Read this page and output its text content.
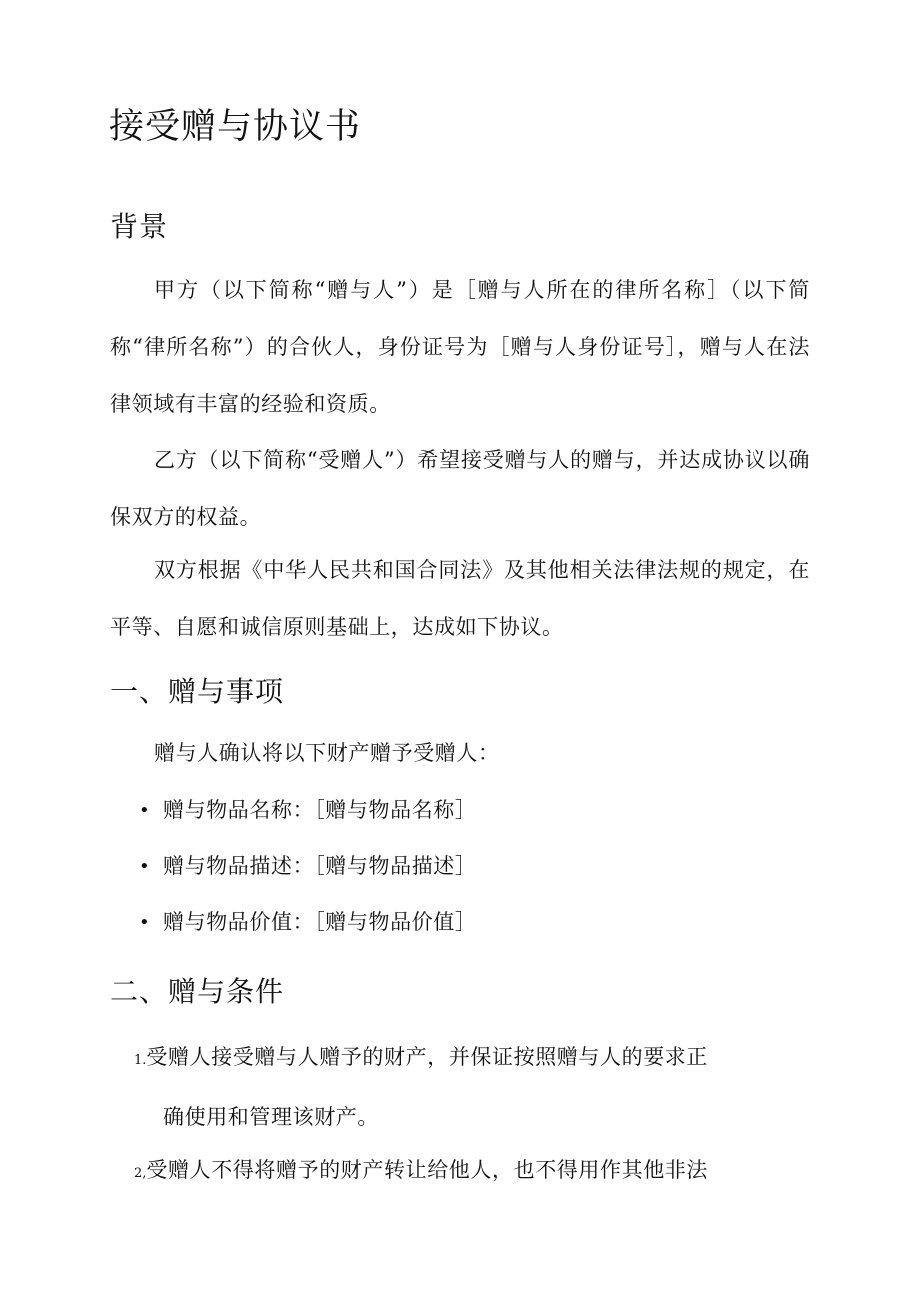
接受赠与协议书
背景
甲方（以下简称“赠与人”）是［赠与人所在的律所名称］（以下简称“律所名称”）的合伙人，身份证号为［赠与人身份证号］，赠与人在法律领域有丰富的经验和资质。
乙方（以下简称“受赠人”）希望接受赠与人的赠与，并达成协议以确保双方的权益。
双方根据《中华人民共和国合同法》及其他相关法律法规的规定，在平等、自愿和诚信原则基础上，达成如下协议。
一、赠与事项
赠与人确认将以下财产赠予受赠人：
• 赠与物品名称：［赠与物品名称］
• 赠与物品描述：［赠与物品描述］
• 赠与物品价值：［赠与物品价值］
二、赠与条件
1.受赠人接受赠与人赠予的财产，并保证按照赠与人的要求正
确使用和管理该财产。
2,受赠人不得将赠予的财产转让给他人，也不得用作其他非法
